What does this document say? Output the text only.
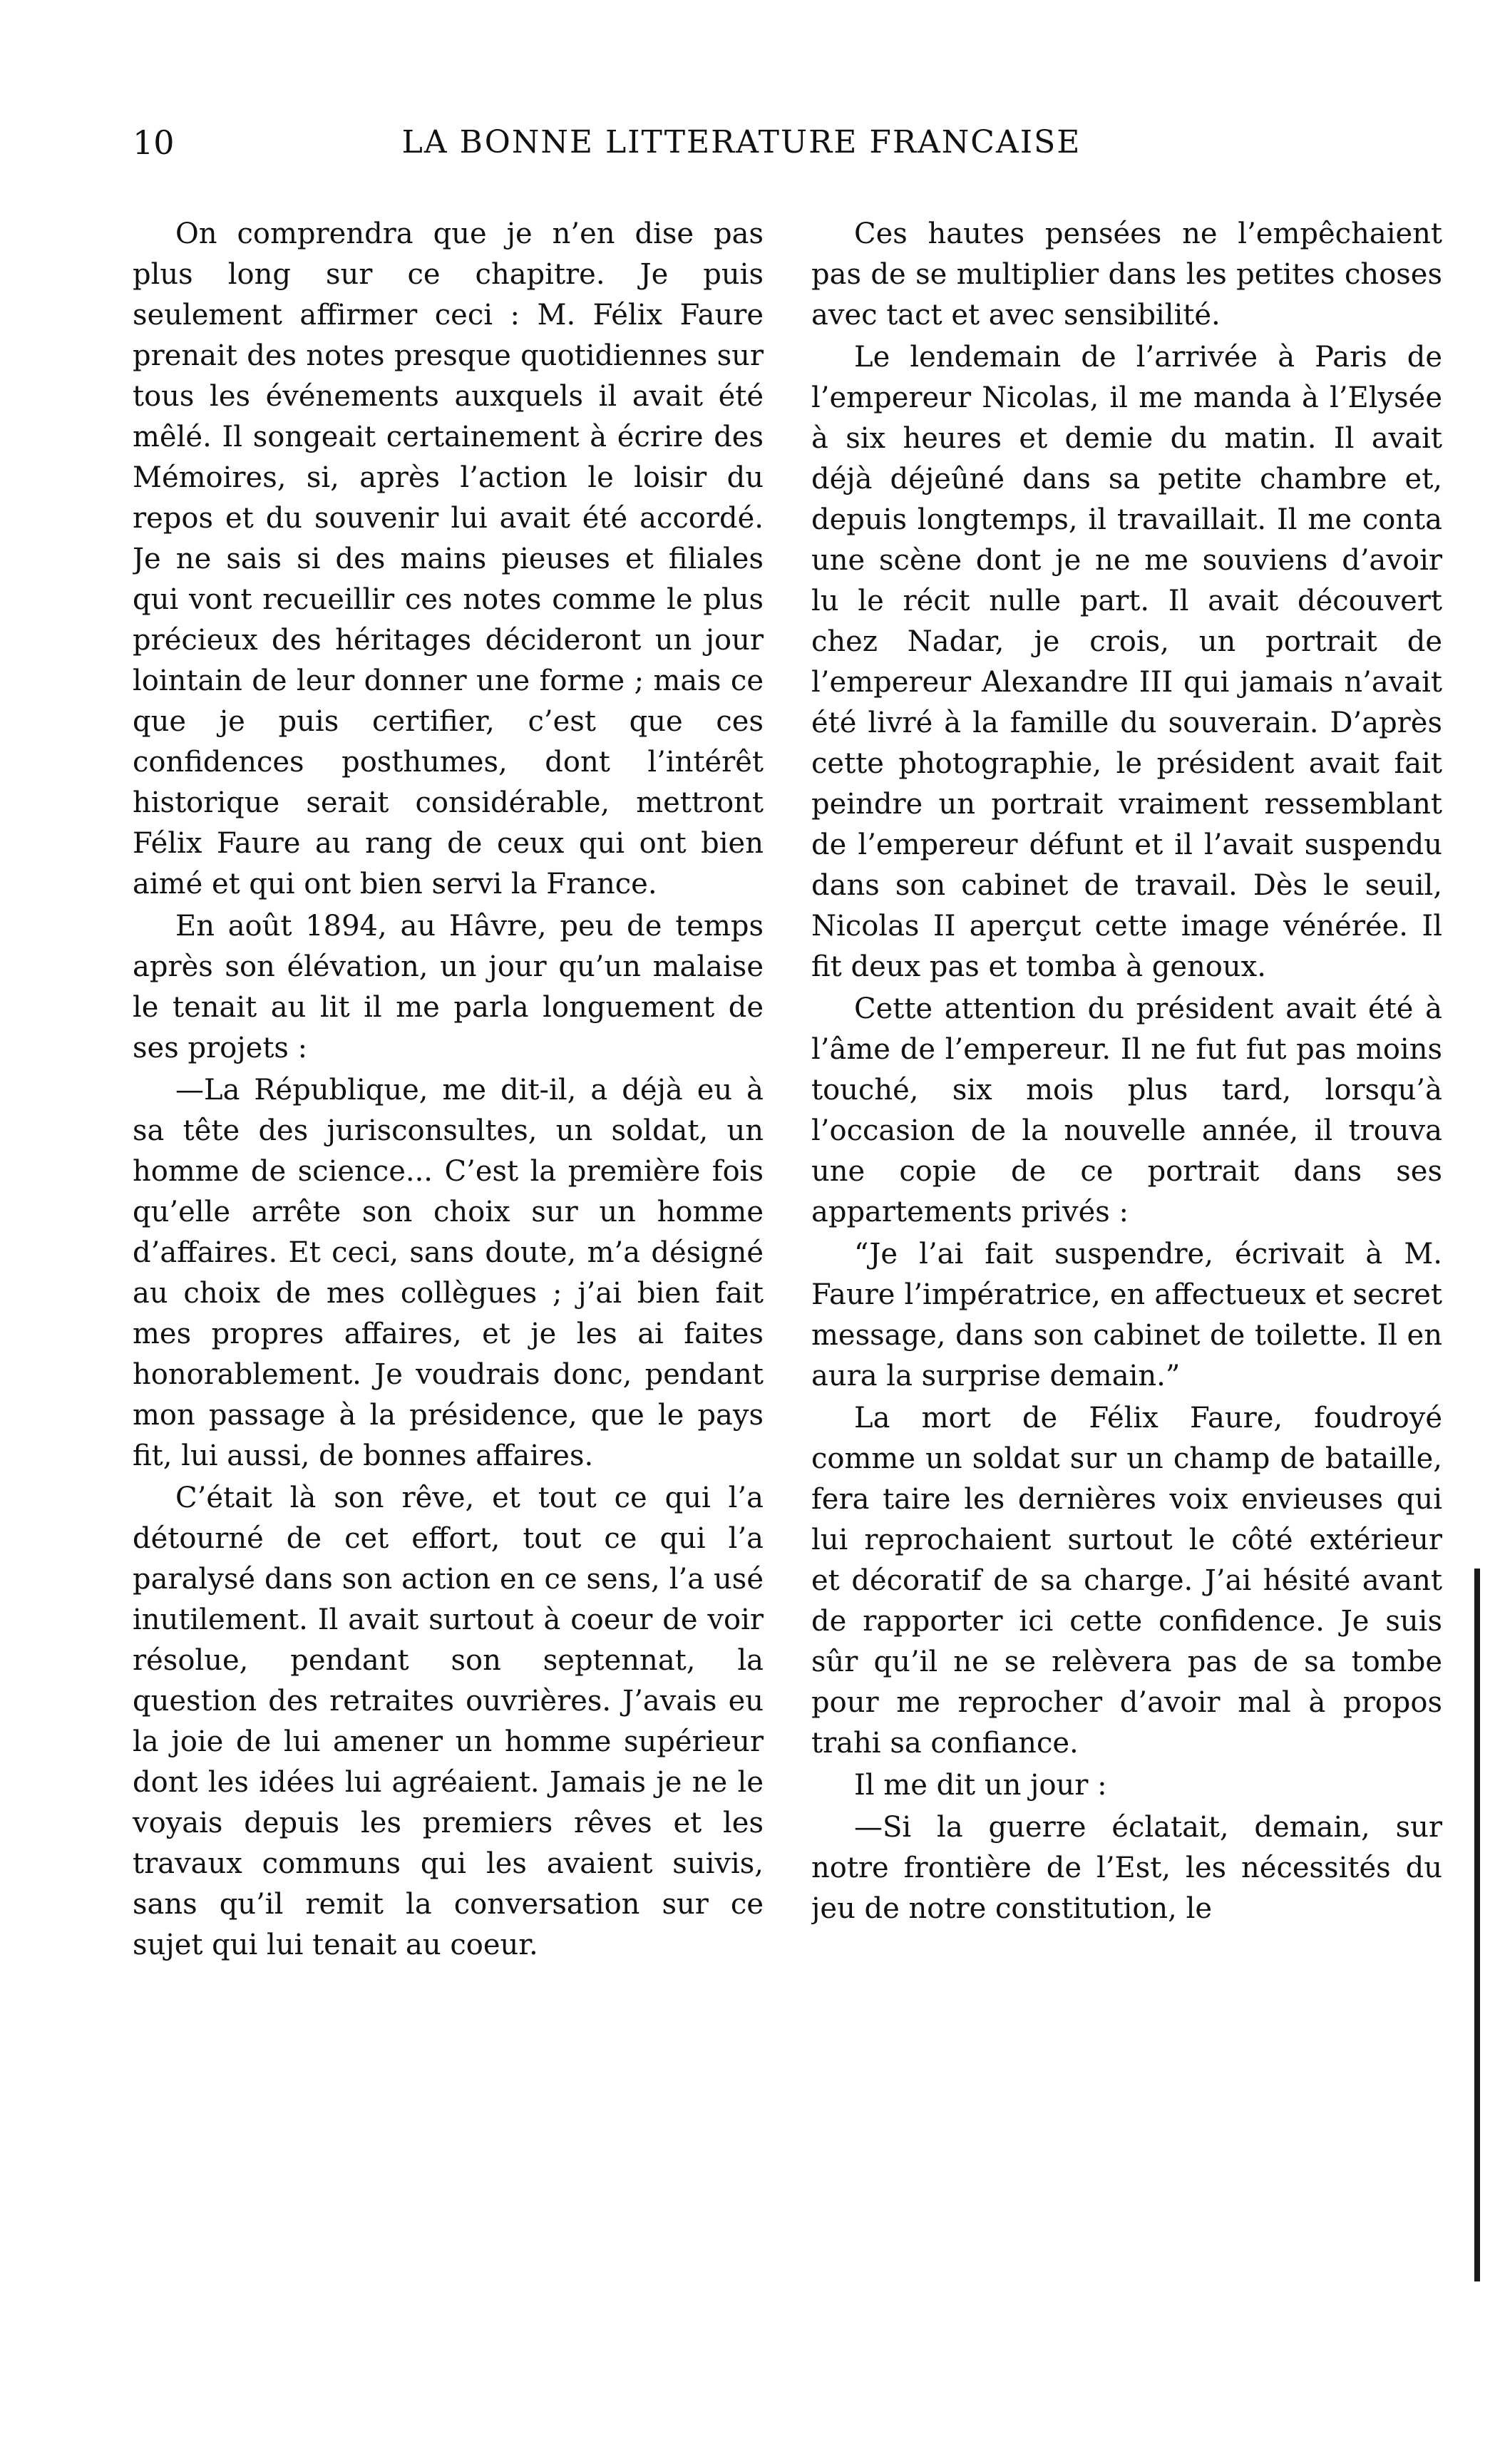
10	LA BONNE LITTERATURE FRANCAISE

On comprendra que je n’en dise pas plus long sur ce chapitre. Je puis seulement affirmer ceci : M. Félix Faure prenait des notes presque quotidiennes sur tous les événements auxquels il avait été mêlé. Il songeait certainement à écrire des Mémoires, si, après l’action le loisir du repos et du souvenir lui avait été accordé. Je ne sais si des mains pieuses et filiales qui vont recueillir ces notes comme le plus précieux des héritages décideront un jour lointain de leur donner une forme ; mais ce que je puis certifier, c’est que ces confidences posthumes, dont l’intérêt historique serait considérable, mettront Félix Faure au rang de ceux qui ont bien aimé et qui ont bien servi la France.

En août 1894, au Hâvre, peu de temps après son élévation, un jour qu’un malaise le tenait au lit il me parla longuement de ses projets :

—La République, me dit-il, a déjà eu à sa tête des jurisconsultes, un soldat, un homme de science... C’est la première fois qu’elle arrête son choix sur un homme d’affaires. Et ceci, sans doute, m’a désigné au choix de mes collègues ; j’ai bien fait mes propres affaires, et je les ai faites honorablement. Je voudrais donc, pendant mon passage à la présidence, que le pays fit, lui aussi, de bonnes affaires.

C’était là son rêve, et tout ce qui l’a détourné de cet effort, tout ce qui l’a paralysé dans son action en ce sens, l’a usé inutilement. Il avait surtout à coeur de voir résolue, pendant son septennat, la question des retraites ouvrières. J’avais eu la joie de lui amener un homme supérieur dont les idées lui agréaient. Jamais je ne le voyais depuis les premiers rêves et les travaux communs qui les avaient suivis, sans qu’il remit la conversation sur ce sujet qui lui tenait au coeur.

Ces hautes pensées ne l’empêchaient pas de se multiplier dans les petites choses avec tact et avec sensibilité.

Le lendemain de l’arrivée à Paris de l’empereur Nicolas, il me manda à l’Elysée à six heures et demie du matin. Il avait déjà déjeûné dans sa petite chambre et, depuis longtemps, il travaillait. Il me conta une scène dont je ne me souviens d’avoir lu le récit nulle part. Il avait découvert chez Nadar, je crois, un portrait de l’empereur Alexandre III qui jamais n’avait été livré à la famille du souverain. D’après cette photographie, le président avait fait peindre un portrait vraiment ressemblant de l’empereur défunt et il l’avait suspendu dans son cabinet de travail. Dès le seuil, Nicolas II aperçut cette image vénérée. Il fit deux pas et tomba à genoux.

Cette attention du président avait été à l’âme de l’empereur. Il ne fut fut pas moins touché, six mois plus tard, lorsqu’à l’occasion de la nouvelle année, il trouva une copie de ce portrait dans ses appartements privés :

“Je l’ai fait suspendre, écrivait à M. Faure l’impératrice, en affectueux et secret message, dans son cabinet de toilette. Il en aura la surprise demain.”

La mort de Félix Faure, foudroyé comme un soldat sur un champ de bataille, fera taire les dernières voix envieuses qui lui reprochaient surtout le côté extérieur et décoratif de sa charge. J’ai hésité avant de rapporter ici cette confidence. Je suis sûr qu’il ne se relèvera pas de sa tombe pour me reprocher d’avoir mal à propos trahi sa confiance.

Il me dit un jour :

—Si la guerre éclatait, demain, sur notre frontière de l’Est, les nécessités du jeu de notre constitution, le
